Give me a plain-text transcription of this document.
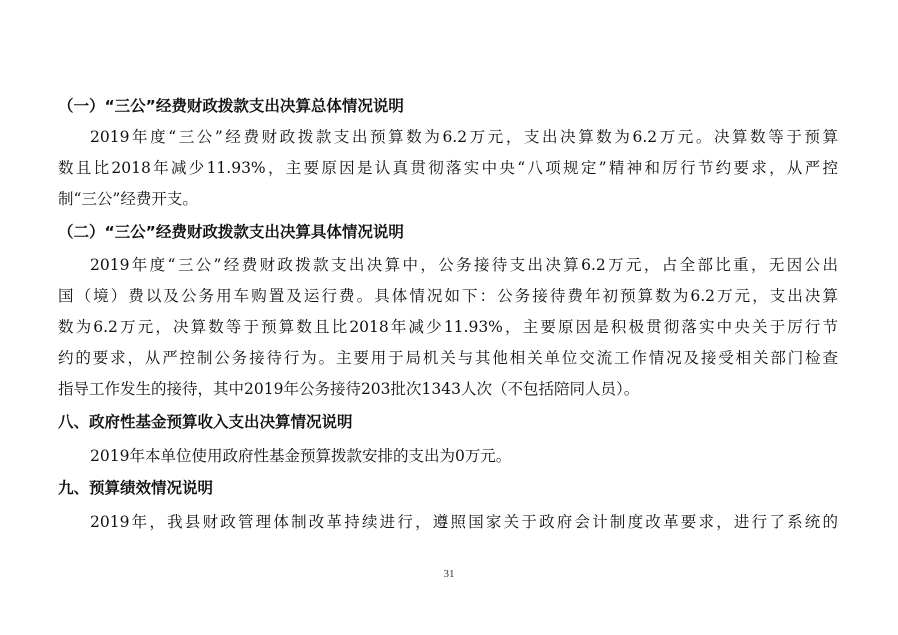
（一）“三公”经费财政拨款支出决算总体情况说明
2019年度“三公”经费财政拨款支出预算数为6.2万元，支出决算数为6.2万元。决算数等于预算
数且比2018年减少11.93%，主要原因是认真贯彻落实中央“八项规定”精神和厉行节约要求，从严控
制“三公”经费开支。
（二）“三公”经费财政拨款支出决算具体情况说明
2019年度“三公”经费财政拨款支出决算中，公务接待支出决算6.2万元，占全部比重，无因公出
国（境）费以及公务用车购置及运行费。具体情况如下：公务接待费年初预算数为6.2万元，支出决算
数为6.2万元，决算数等于预算数且比2018年减少11.93%，主要原因是积极贯彻落实中央关于厉行节
约的要求，从严控制公务接待行为。主要用于局机关与其他相关单位交流工作情况及接受相关部门检查
指导工作发生的接待，其中2019年公务接待203批次1343人次（不包括陪同人员）。
八、政府性基金预算收入支出决算情况说明
2019年本单位使用政府性基金预算拨款安排的支出为0万元。
九、预算绩效情况说明
2019年，我县财政管理体制改革持续进行，遵照国家关于政府会计制度改革要求，进行了系统的
31
